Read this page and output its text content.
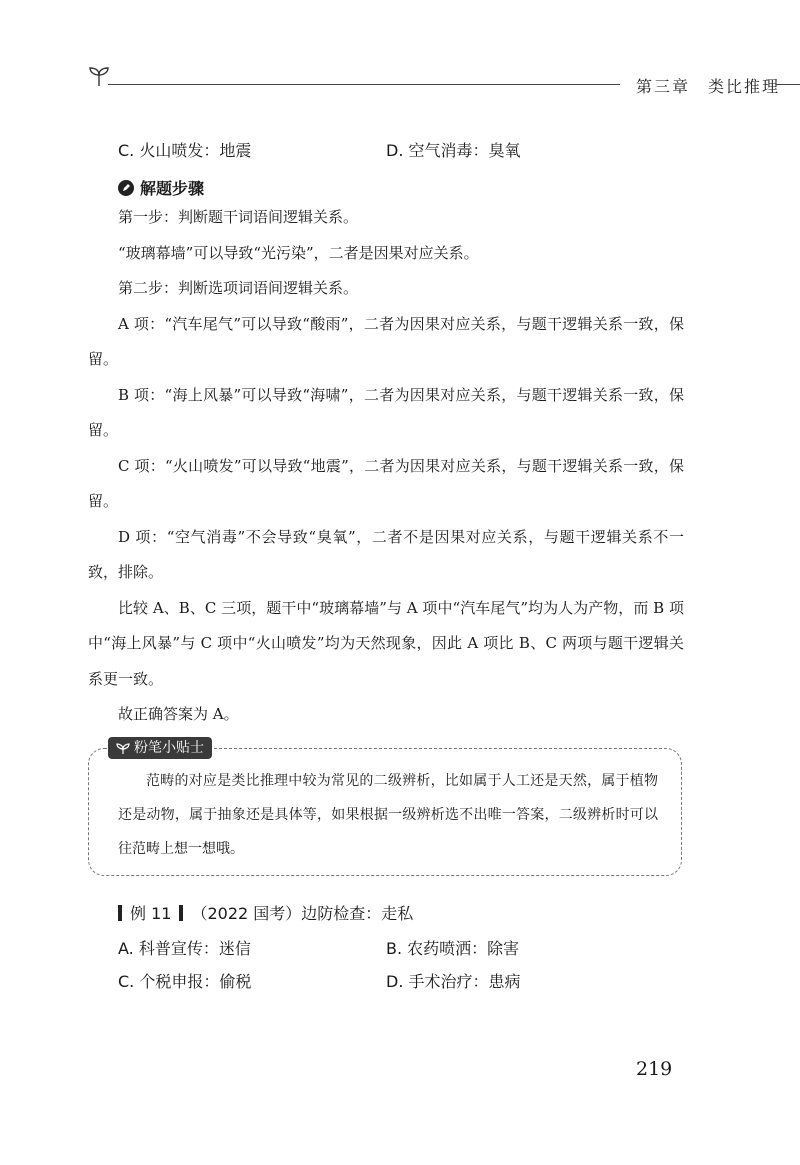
第三章　类比推理
C. 火山喷发：地震	D. 空气消毒：臭氧
解题步骤

第一步：判断题干词语间逻辑关系。

“玻璃幕墙”可以导致“光污染”，二者是因果对应关系。

第二步：判断选项词语间逻辑关系。

A 项：“汽车尾气”可以导致“酸雨”，二者为因果对应关系，与题干逻辑关系一致，保留。

B 项：“海上风暴”可以导致“海啸”，二者为因果对应关系，与题干逻辑关系一致，保留。

C 项：“火山喷发”可以导致“地震”，二者为因果对应关系，与题干逻辑关系一致，保留。

D 项：“空气消毒”不会导致“臭氧”，二者不是因果对应关系，与题干逻辑关系不一致，排除。

比较 A、B、C 三项，题干中“玻璃幕墙”与 A 项中“汽车尾气”均为人为产物，而 B 项中“海上风暴”与 C 项中“火山喷发”均为天然现象，因此 A 项比 B、C 两项与题干逻辑关系更一致。

故正确答案为 A。

粉笔小贴士

范畴的对应是类比推理中较为常见的二级辨析，比如属于人工还是天然，属于植物还是动物，属于抽象还是具体等，如果根据一级辨析选不出唯一答案，二级辨析时可以往范畴上想一想哦。

例 11 （2022 国考）边防检查：走私
A. 科普宣传：迷信	B. 农药喷洒：除害
C. 个税申报：偷税	D. 手术治疗：患病
219
